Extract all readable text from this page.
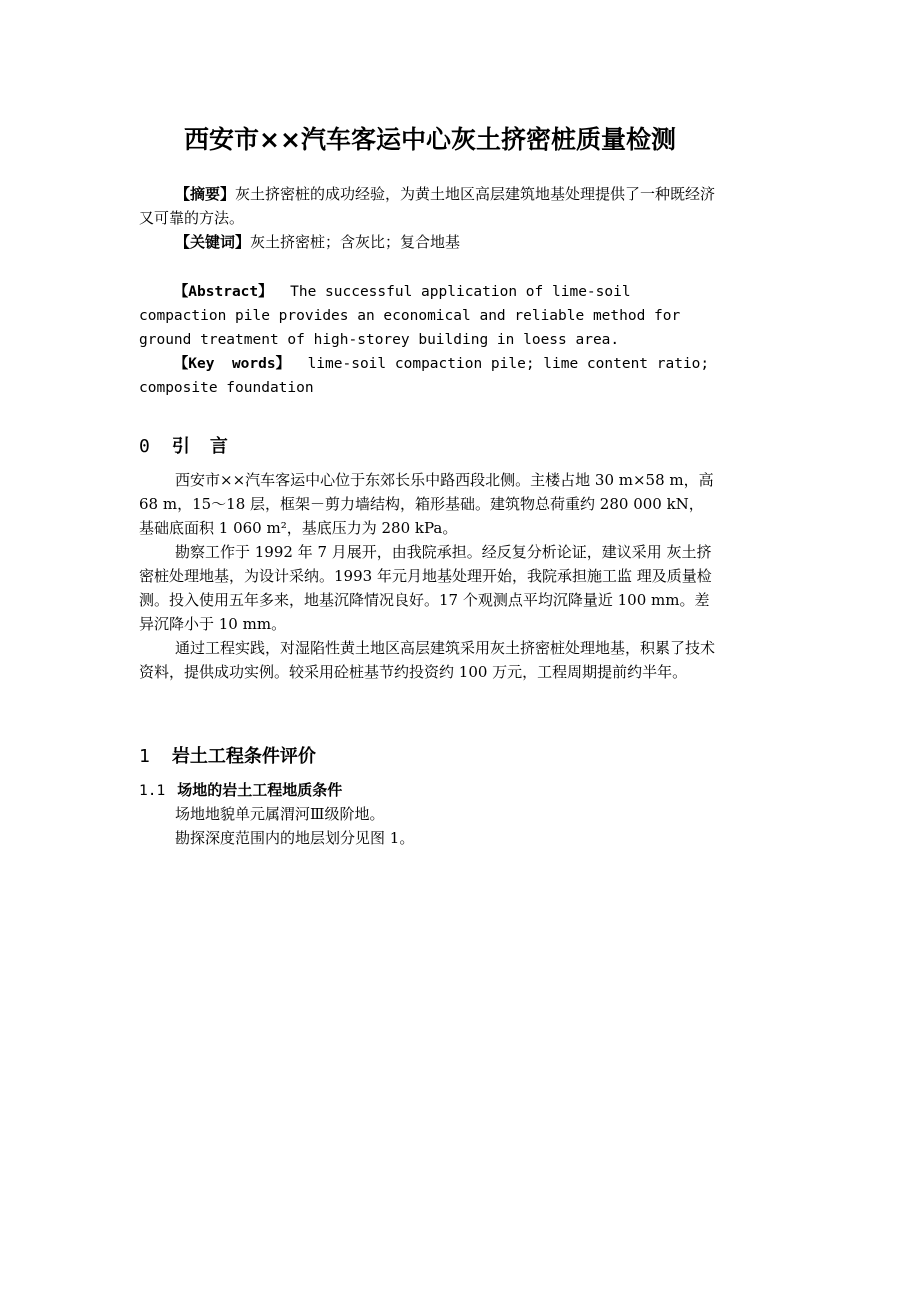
西安市××汽车客运中心灰土挤密桩质量检测

【摘要】灰土挤密桩的成功经验，为黄土地区高层建筑地基处理提供了一种既经济又可靠的方法。

【关键词】灰土挤密桩；含灰比；复合地基

【Abstract】 The successful application of lime-soil compaction pile provides an economical and reliable method for ground treatment of high-storey building in loess area.

【Key  words】 lime-soil compaction pile; lime content ratio; composite foundation

0 引言

西安市××汽车客运中心位于东郊长乐中路西段北侧。主楼占地 30 m×58 m，高 68 m，15～18 层，框架－剪力墙结构，箱形基础。建筑物总荷重约 280 000 kN，基础底面积 1 060 m²，基底压力为 280 kPa。

勘察工作于 1992 年 7 月展开，由我院承担。经反复分析论证，建议采用 灰土挤密桩处理地基，为设计采纳。1993 年元月地基处理开始，我院承担施工监 理及质量检测。投入使用五年多来，地基沉降情况良好。17 个观测点平均沉降量近 100 mm。差异沉降小于 10 mm。

通过工程实践，对湿陷性黄土地区高层建筑采用灰土挤密桩处理地基，积累了技术资料，提供成功实例。较采用砼桩基节约投资约 100 万元，工程周期提前约半年。

1 岩土工程条件评价
1.1 场地的岩土工程地质条件

场地地貌单元属渭河Ⅲ级阶地。

勘探深度范围内的地层划分见图 1。
